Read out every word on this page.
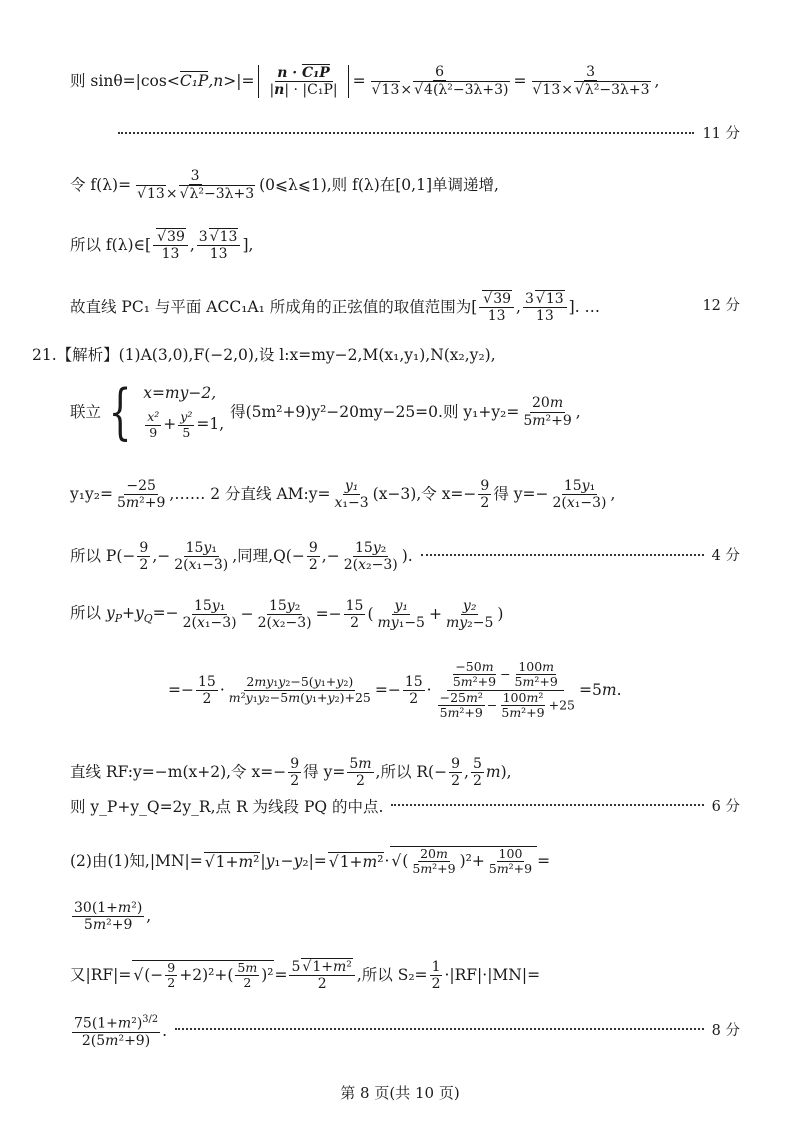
则 sinθ=|cos< C₁P $,n>|= \frac{\text{n · C₁P}}{\text{|n| · |C₁P|}} = 6$
√ 13× √ 4(λ²−3λ+3) = 3
√ 13× √ λ²−3λ+3 ,
11 分
令 f(λ)= 3
√ 13× √ λ²−3λ+3 (0⩽λ⩽1),则 f(λ)在[0,1]单调递增,
所以 f(λ)∈[ √ $\frac{39}{13}$ , $\frac{3 √ 13}{13}$ ],
故直线 PC₁ 与平面 ACC₁A₁ 所成角的正弦值的取值范围为[ √ $\frac{39}{13}$ , $\frac{3 √ 13}{13}$ ]. …	12 分
21.【解析】(1)A(3,0),F(−2,0),设 l:x=my−2,M(x₁,y₁),N(x₂,y₂),
联立 { x=my−2,
$\frac{\text{x²}}{9} + \frac{\text{y²}}{5} =1$,
得(5m²+9)y²−20my−25=0.则 $y_1+y_2= \frac{20m}{\text{5m²+9}}$ ,
$y_1y_2= \frac{-25}{\text{5m²+9}}$ ,…… 2 分直线 AM:y= $\frac{\text{y₁}}{\text{x₁−3}} (x-3)$,令 $x=- \frac{9}{2}$ 得 $y=- \frac{\text{15y₁}}{\text{2(x₁−3)}}$ ,
所以 $P(- \frac{9}{2}$ ,− $\frac{\text{15y₁}}{\text{2(x₁−3)}}$ ,同理$,Q(- \frac{9}{2}$ ,− $\frac{\text{15y₂}}{\text{2(x₂−3)}}$ ).	4 分
所以 $y_P+y_Q=- \frac{\text{15y₁}}{\text{2(x₁−3)}} - \frac{\text{15y₂}}{\text{2(x₂−3)}} =- \frac{15}{2}$ ( $\frac{\text{y₁}}{\text{my₁−5}} + \frac{\text{y₂}}{\text{my₂−5}}$ )
=− $\frac{15}{2} \cdot \frac{\text{2my₁y₂−5(y₁+y₂)}}{\text{m²y₁y₂−5m(y₁+y₂)+25}} =- \frac{15}{2} \cdot \frac{\frac{-50m}{\text{5m²+9}} - \frac{100m}{\text{5m²+9}}}{\frac{\text{−25m²}}{\text{5m²+9}} - \frac{\text{100m²}}{\text{5m²+9}} +25} =5m$.
直线 RF:y=−m(x+2),令 $x=- \frac{9}{2}$ 得 $y= \frac{5m}{2}$ ,所以 $R(- \frac{9}{2}$ , $\frac{5}{2}$ m ),
则 y_P+y_Q=2y_R,点 R 为线段 PQ 的中点.	6 分
(2)由(1)知,|MN|= √ 1+m² |y₁−y₂|= √ 1+m² · √ ( $\frac{20m}{\text{5m²+9}} )^2+ \frac{100}{\text{5m²+9}}$ =
$\frac{\text{30(1+m²)}}{\text{5m²+9}}$ ,
又|RF|= √ (− $\frac{9}{2} +2)^2+( \frac{5m}{2} )^2 = \frac{\text{5 √ 1+m²}}{2}$ ,所以 $S_2= \frac{1}{2} \cdot|RF|\cdot|MN|=$
$\frac{75(1+m^2)^{3/2}}{\text{2(5m²+9)}}$ .	8 分
第 8 页(共 10 页)
